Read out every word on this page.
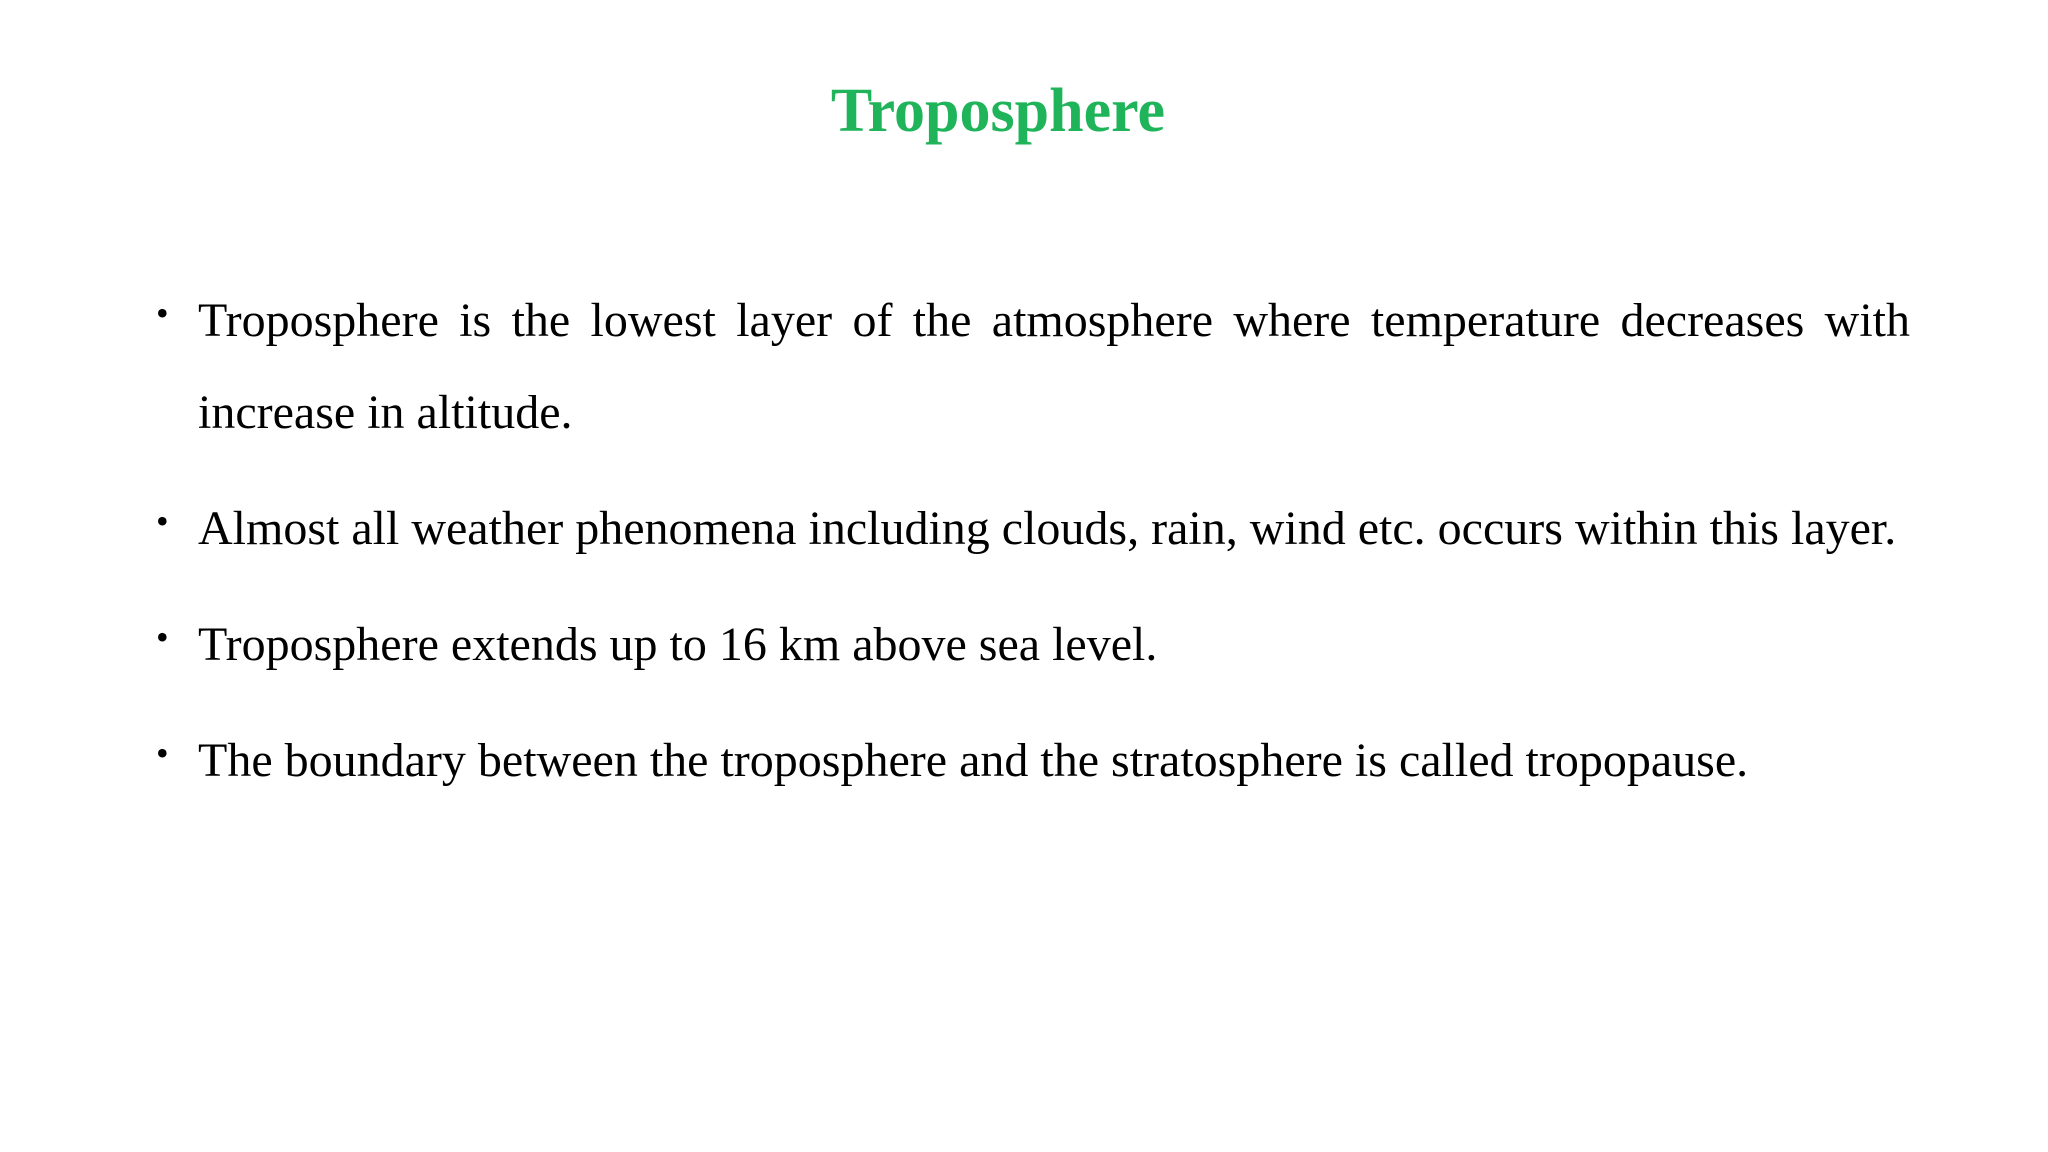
Troposphere
• Troposphere is the lowest layer of the atmosphere where temperature decreases with increase in altitude.
• Almost all weather phenomena including clouds, rain, wind etc. occurs within this layer.
• Troposphere extends up to 16 km above sea level.
• The boundary between the troposphere and the stratosphere is called tropopause.
